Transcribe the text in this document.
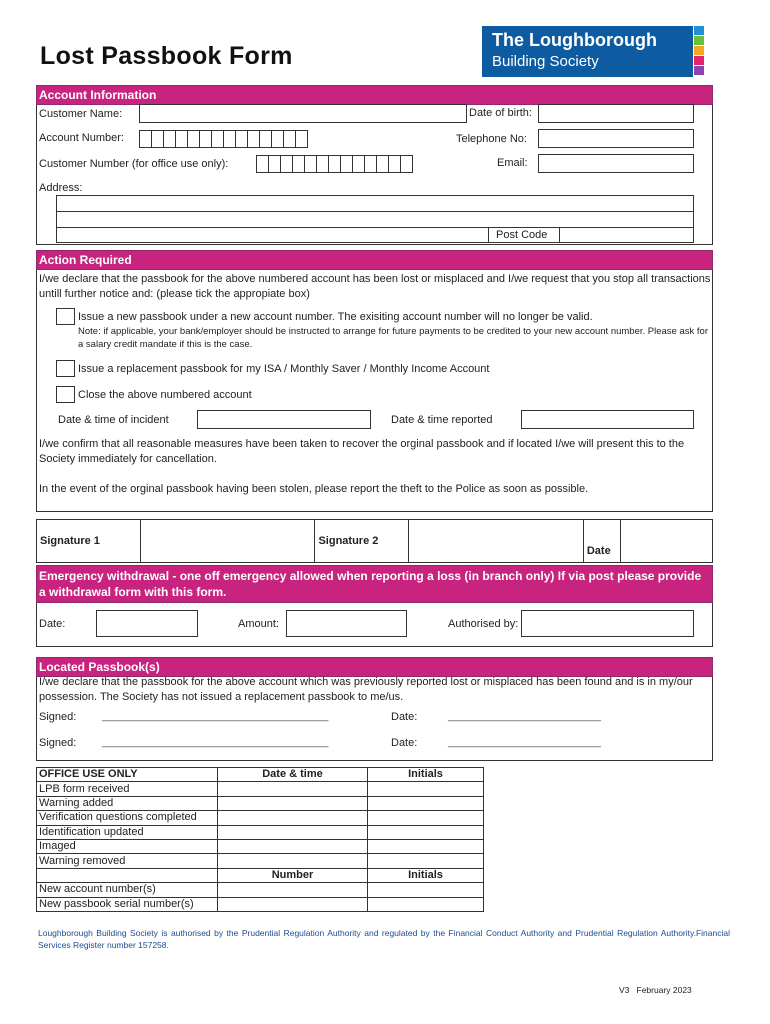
Lost Passbook Form
The Loughborough
Building Society
Account Information
Customer Name:	Date of birth:
Account Number:	Telephone No:
Customer Number (for office use only):	Email:
Address:
Post Code
Action Required
I/we declare that the passbook for the above numbered account has been lost or misplaced and I/we request that you stop all transactions untill further notice and: (please tick the appropiate box)
Issue a new passbook under a new account number. The exisiting account number will no longer be valid.
Note: if applicable, your bank/employer should be instructed to arrange for future payments to be credited to your new account number. Please ask for a salary credit mandate if this is the case.
Issue a replacement passbook for my ISA / Monthly Saver / Monthly Income Account
Close the above numbered account
Date & time of incident	Date & time reported
I/we confirm that all reasonable measures have been taken to recover the orginal passbook and if located I/we will present this to the Society immediately for cancellation.
In the event of the orginal passbook having been stolen, please report the theft to the Police as soon as possible.
Signature 1		Signature 2		Date	
Emergency withdrawal - one off emergency allowed when reporting a loss (in branch only) If via post please provide a withdrawal form with this form.
Date:	Amount:	Authorised by:
Located Passbook(s)
I/we declare that the passbook for the above account which was previously reported lost or misplaced has been found and is in my/our possession. The Society has not issued a replacement passbook to me/us.
Signed: _____________________________________	Date:	_________________________
Signed: _____________________________________	Date:	_________________________
OFFICE USE ONLY	Date & time	Initials
LPB form received		
Warning added		
Verification questions completed		
Identification updated		
Imaged		
Warning removed		
	Number	Initials
New account number(s)		
New passbook serial number(s)		
Loughborough Building Society is authorised by the Prudential Regulation Authority and regulated by the Financial Conduct Authority and Prudential Regulation Authority.Financial Services Register number 157258.
V3 February 2023
